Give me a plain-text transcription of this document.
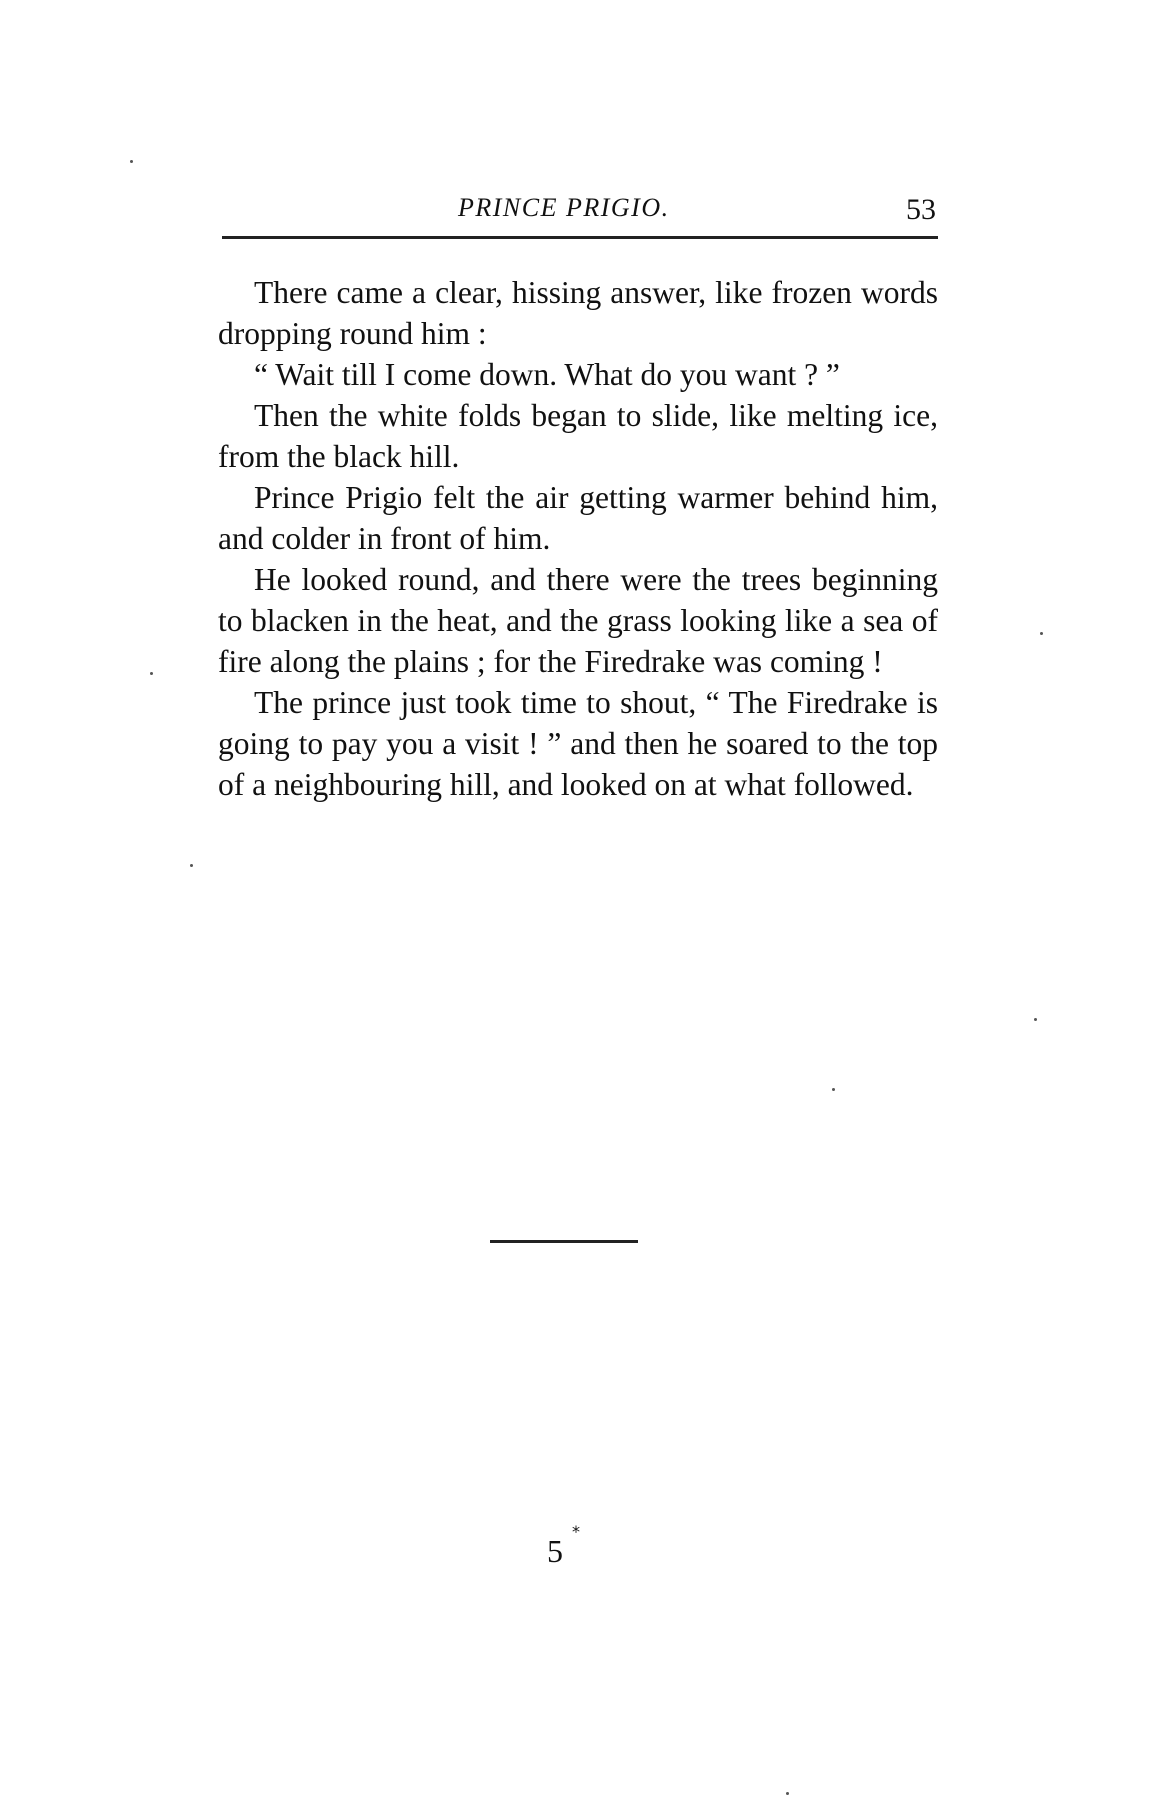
PRINCE PRIGIO.	53

There came a clear, hissing answer, like frozen words dropping round him :

“ Wait till I come down. What do you want ? ”

Then the white folds began to slide, like melting ice, from the black hill.

Prince Prigio felt the air getting warmer behind him, and colder in front of him.

He looked round, and there were the trees beginning to blacken in the heat, and the grass looking like a sea of fire along the plains ; for the Firedrake was coming !

The prince just took time to shout, “ The Firedrake is going to pay you a visit ! ” and then he soared to the top of a neighbouring hill, and looked on at what followed.

5
*
